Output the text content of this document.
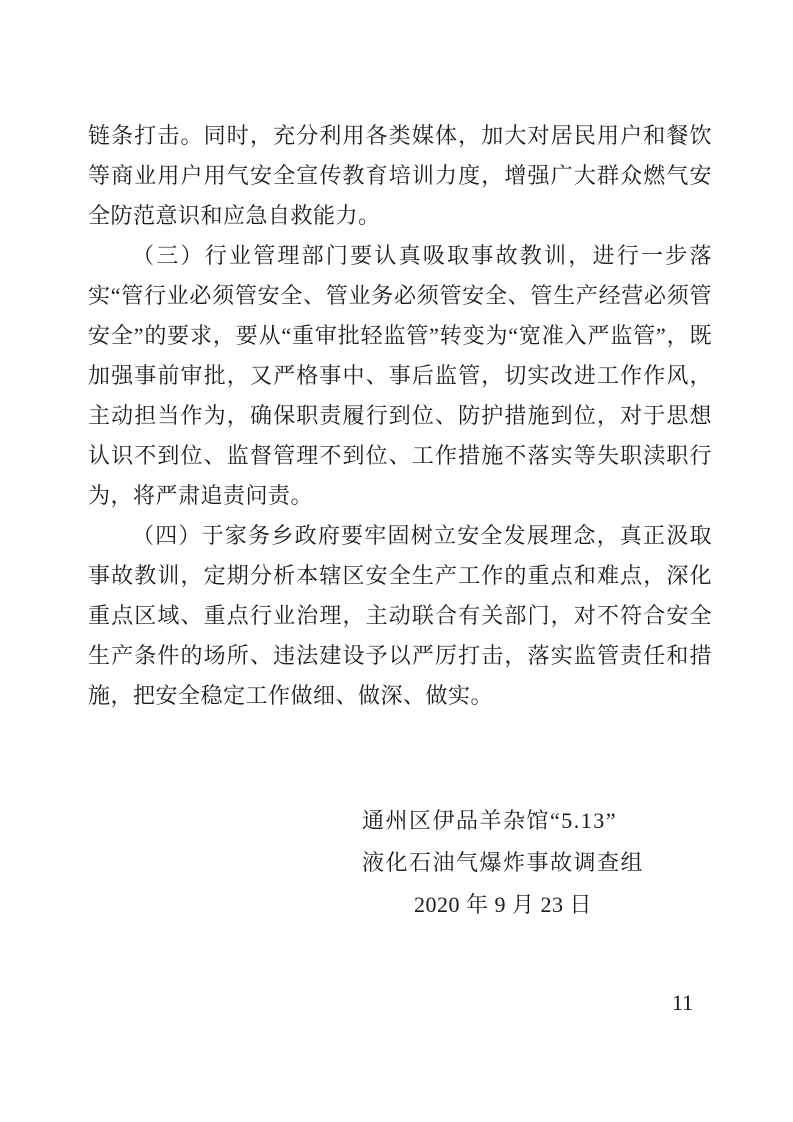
链条打击。同时，充分利用各类媒体，加大对居民用户和餐饮等商业用户用气安全宣传教育培训力度，增强广大群众燃气安全防范意识和应急自救能力。

（三）行业管理部门要认真吸取事故教训，进行一步落实“管行业必须管安全、管业务必须管安全、管生产经营必须管安全”的要求，要从“重审批轻监管”转变为“宽准入严监管”，既加强事前审批，又严格事中、事后监管，切实改进工作作风，主动担当作为，确保职责履行到位、防护措施到位，对于思想认识不到位、监督管理不到位、工作措施不落实等失职渎职行为，将严肃追责问责。

（四）于家务乡政府要牢固树立安全发展理念，真正汲取事故教训，定期分析本辖区安全生产工作的重点和难点，深化重点区域、重点行业治理，主动联合有关部门，对不符合安全生产条件的场所、违法建设予以严厉打击，落实监管责任和措施，把安全稳定工作做细、做深、做实。

通州区伊品羊杂馆“5.13”
液化石油气爆炸事故调查组
2020 年 9 月 23 日
11
